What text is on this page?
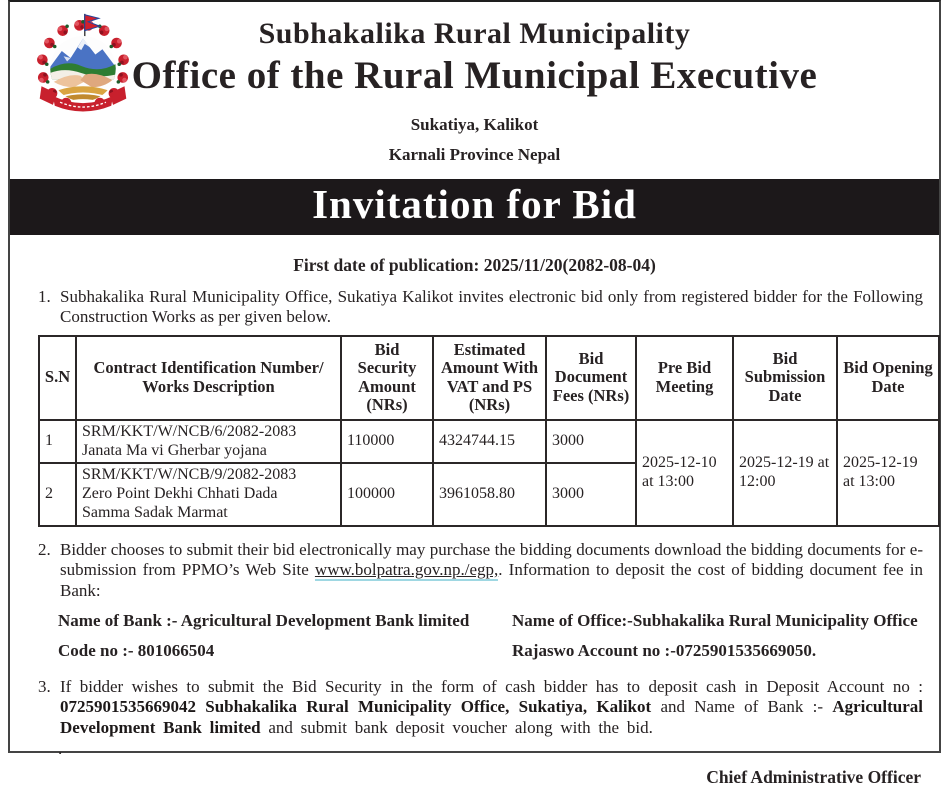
Subhakalika Rural Municipality
Office of the Rural Municipal Executive
Sukatiya, Kalikot
Karnali Province Nepal
Invitation for Bid
First date of publication: 2025/11/20(2082-08-04)
1. Subhakalika Rural Municipality Office, Sukatiya Kalikot invites electronic bid only from registered bidder for the Following Construction Works as per given below.
S.N	Contract Identification Number/ Works Description	Bid Security Amount (NRs)	Estimated Amount With VAT and PS (NRs)	Bid Document Fees (NRs)	Pre Bid Meeting	Bid Submission Date	Bid Opening Date
1	SRM/KKT/W/NCB/6/2082-2083
Janata Ma vi Gherbar yojana	110000	4324744.15	3000	2025-12-10 at 13:00	2025-12-19 at 12:00	2025-12-19 at 13:00
2	SRM/KKT/W/NCB/9/2082-2083
Zero Point Dekhi Chhati Dada
Samma Sadak Marmat	100000	3961058.80	3000			
2. Bidder chooses to submit their bid electronically may purchase the bidding documents download the bidding documents for e-submission from PPMO’s Web Site www.bolpatra.gov.np./egp,. Information to deposit the cost of bidding document fee in Bank:
Name of Bank :- Agricultural Development Bank limited
Code no :- 801066504
Name of Office:-Subhakalika Rural Municipality Office
Rajaswo Account no :-0725901535669050.
3. If bidder wishes to submit the Bid Security in the form of cash bidder has to deposit cash in Deposit Account no : 0725901535669042 Subhakalika Rural Municipality Office, Sukatiya, Kalikot and Name of Bank :- Agricultural Development Bank limited and submit bank deposit voucher along with the bid.
.
Chief Administrative Officer
